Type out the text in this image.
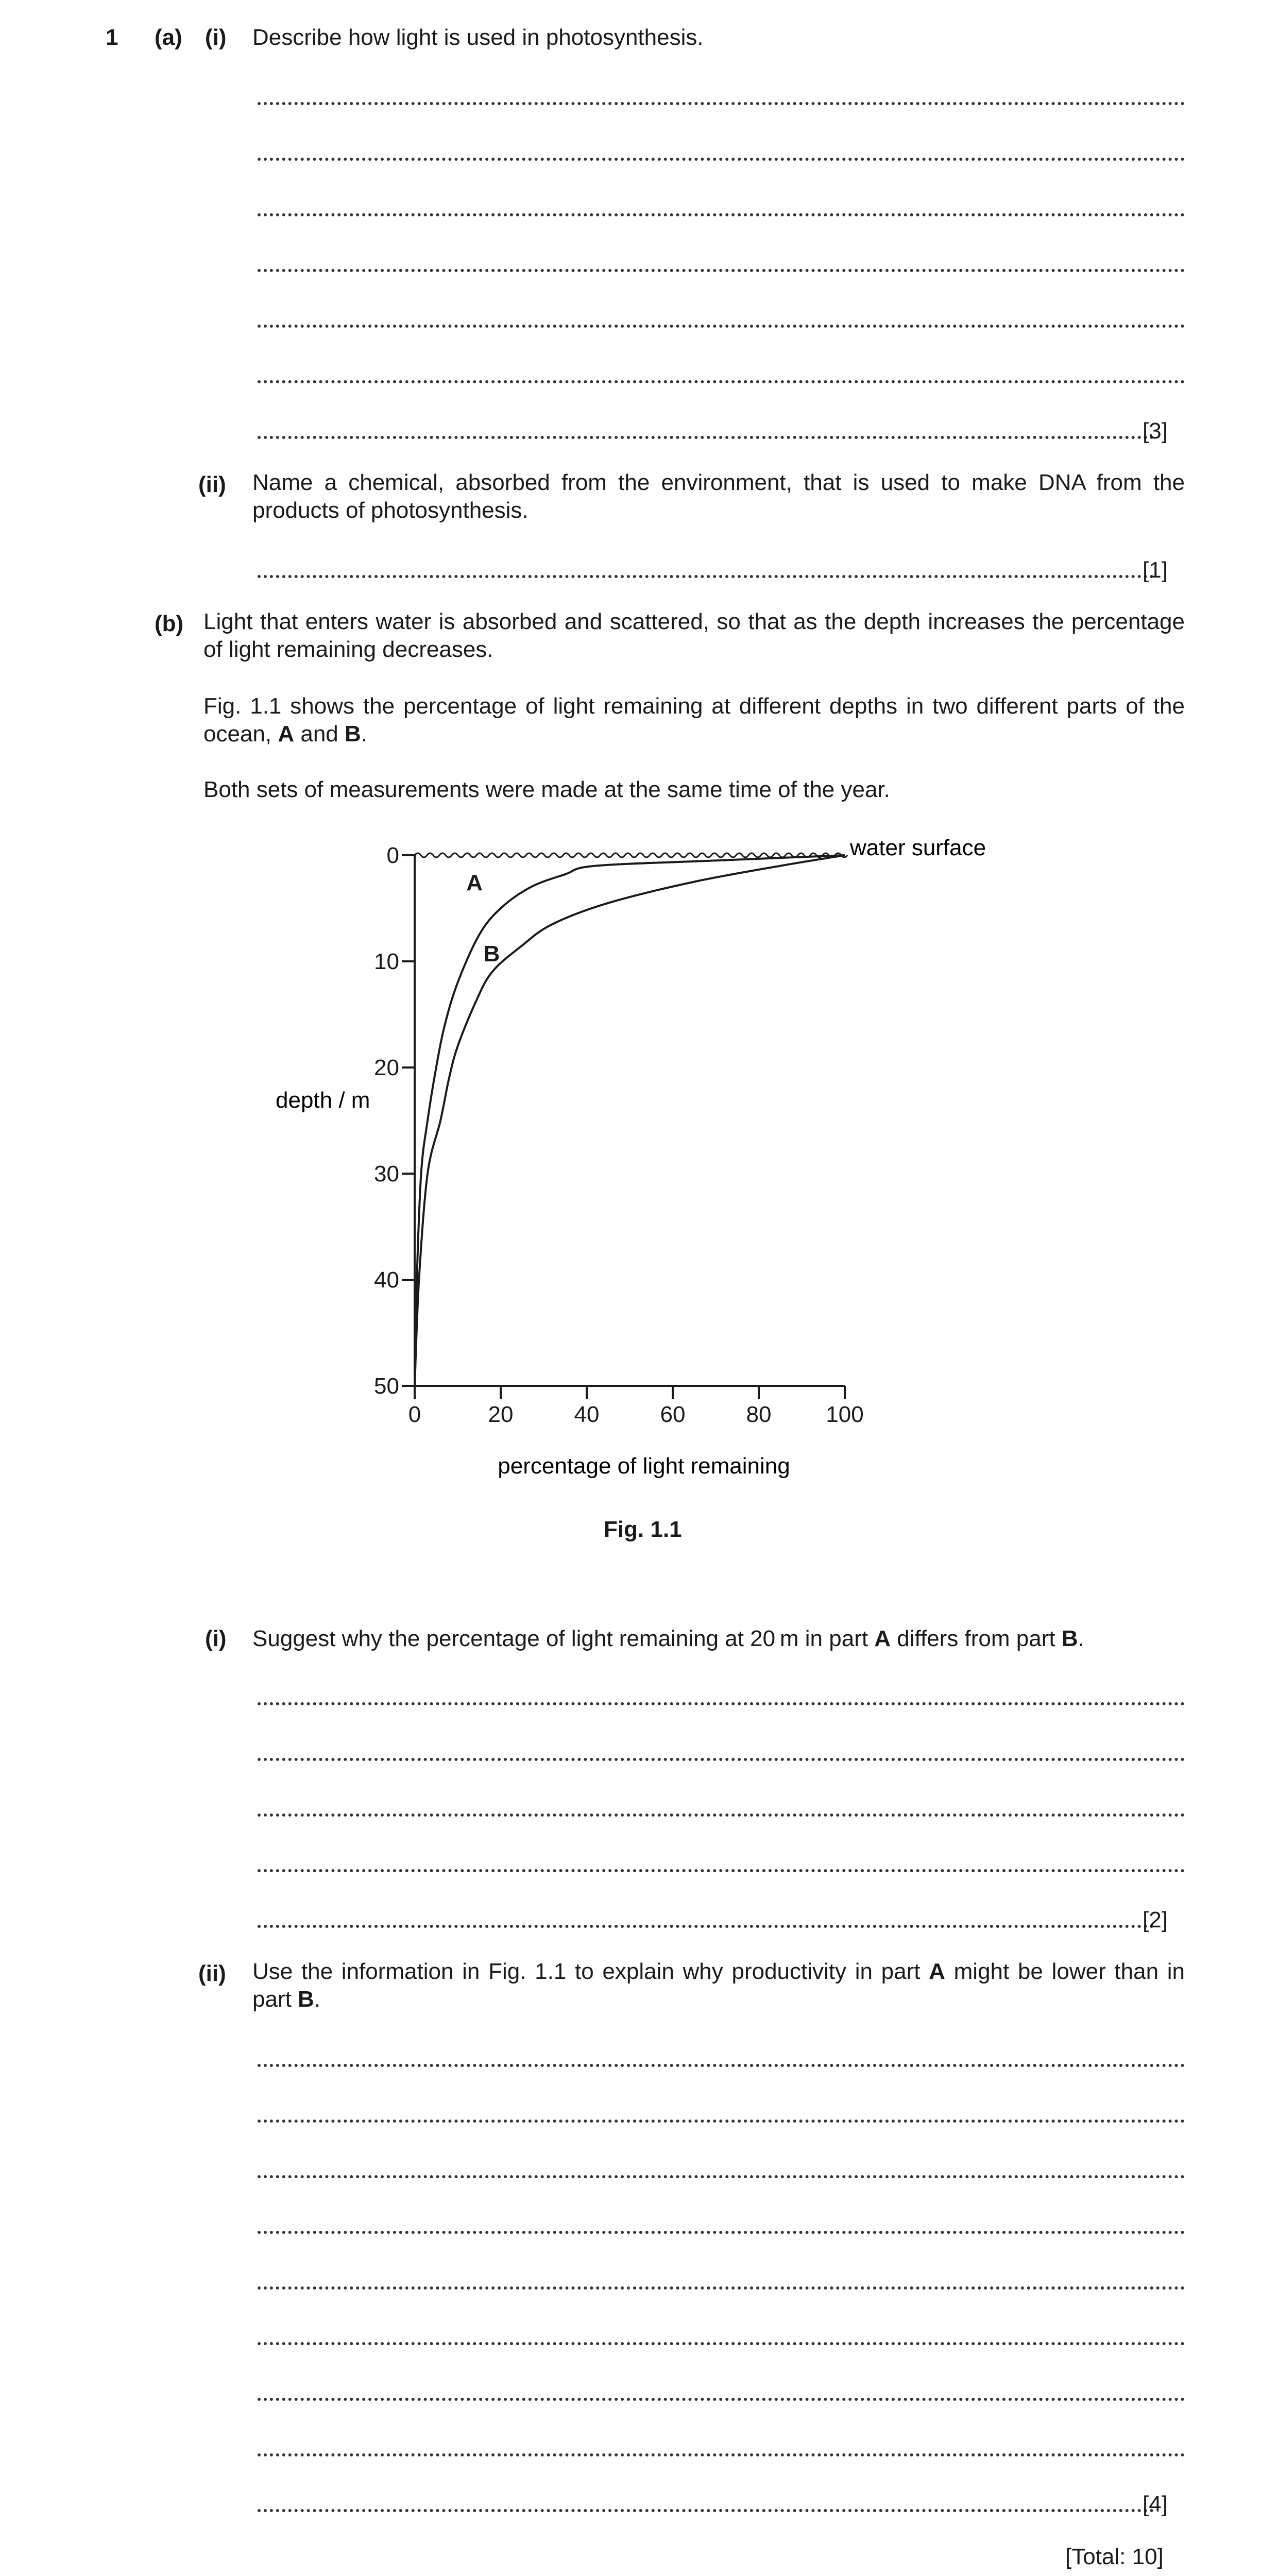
1 (a) (i) Describe how light is used in photosynthesis.
[3]
(ii) Name a chemical, absorbed from the environment, that is used to make DNA from the products of photosynthesis.
[1]
(b) Light that enters water is absorbed and scattered, so that as the depth increases the percentage of light remaining decreases.
Fig. 1.1 shows the percentage of light remaining at different depths in two different parts of the ocean, A and B.
Both sets of measurements were made at the same time of the year.
0
10
20
30
40
50
0	20	40	60	80 100
A
B
water surface
depth / m
percentage of light remaining
Fig. 1.1
(i) Suggest why the percentage of light remaining at 20 m in part A differs from part B.
[2]
(ii) Use the information in Fig. 1.1 to explain why productivity in part A might be lower than in part B.
[4]
[Total: 10]
